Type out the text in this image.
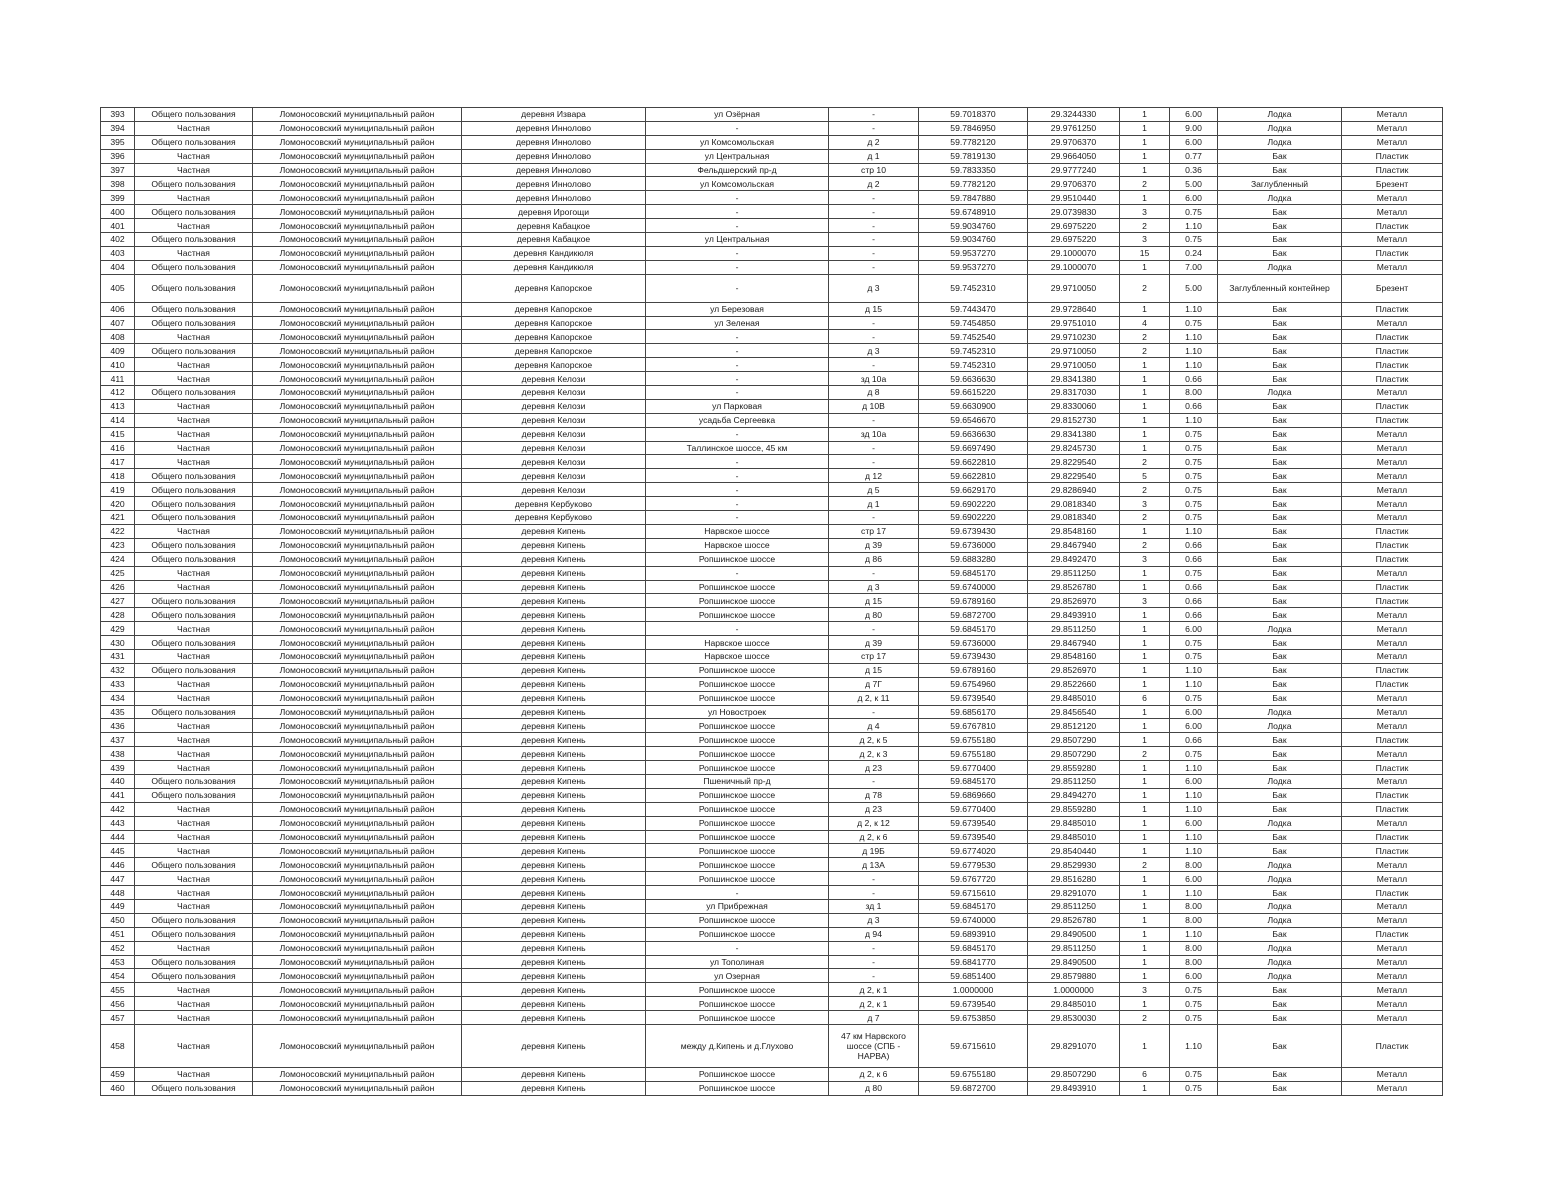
393	Общего пользования	Ломоносовский муниципальный район	деревня Извара	ул Озёрная	-	59.7018370	29.3244330	1	6.00	Лодка	Металл
394	Частная	Ломоносовский муниципальный район	деревня Иннолово	-	-	59.7846950	29.9761250	1	9.00	Лодка	Металл
395	Общего пользования	Ломоносовский муниципальный район	деревня Иннолово	ул Комсомольская	д 2	59.7782120	29.9706370	1	6.00	Лодка	Металл
396	Частная	Ломоносовский муниципальный район	деревня Иннолово	ул Центральная	д 1	59.7819130	29.9664050	1	0.77	Бак	Пластик
397	Частная	Ломоносовский муниципальный район	деревня Иннолово	Фельдшерский пр-д	стр 10	59.7833350	29.9777240	1	0.36	Бак	Пластик
398	Общего пользования	Ломоносовский муниципальный район	деревня Иннолово	ул Комсомольская	д 2	59.7782120	29.9706370	2	5.00	Заглубленный	Брезент
399	Частная	Ломоносовский муниципальный район	деревня Иннолово	-	-	59.7847880	29.9510440	1	6.00	Лодка	Металл
400	Общего пользования	Ломоносовский муниципальный район	деревня Ирогощи	-	-	59.6748910	29.0739830	3	0.75	Бак	Металл
401	Частная	Ломоносовский муниципальный район	деревня Кабацкое	-	-	59.9034760	29.6975220	2	1.10	Бак	Пластик
402	Общего пользования	Ломоносовский муниципальный район	деревня Кабацкое	ул Центральная	-	59.9034760	29.6975220	3	0.75	Бак	Металл
403	Частная	Ломоносовский муниципальный район	деревня Кандикюля	-	-	59.9537270	29.1000070	15	0.24	Бак	Пластик
404	Общего пользования	Ломоносовский муниципальный район	деревня Кандикюля	-	-	59.9537270	29.1000070	1	7.00	Лодка	Металл
405	Общего пользования	Ломоносовский муниципальный район	деревня Капорское	-	д 3	59.7452310	29.9710050	2	5.00	Заглубленный контейнер	Брезент
406	Общего пользования	Ломоносовский муниципальный район	деревня Капорское	ул Березовая	д 15	59.7443470	29.9728640	1	1.10	Бак	Пластик
407	Общего пользования	Ломоносовский муниципальный район	деревня Капорское	ул Зеленая	-	59.7454850	29.9751010	4	0.75	Бак	Металл
408	Частная	Ломоносовский муниципальный район	деревня Капорское	-	-	59.7452540	29.9710230	2	1.10	Бак	Пластик
409	Общего пользования	Ломоносовский муниципальный район	деревня Капорское	-	д 3	59.7452310	29.9710050	2	1.10	Бак	Пластик
410	Частная	Ломоносовский муниципальный район	деревня Капорское	-	-	59.7452310	29.9710050	1	1.10	Бак	Пластик
411	Частная	Ломоносовский муниципальный район	деревня Келози	-	зд 10а	59.6636630	29.8341380	1	0.66	Бак	Пластик
412	Общего пользования	Ломоносовский муниципальный район	деревня Келози	-	д 8	59.6615220	29.8317030	1	8.00	Лодка	Металл
413	Частная	Ломоносовский муниципальный район	деревня Келози	ул Парковая	д 10В	59.6630900	29.8330060	1	0.66	Бак	Пластик
414	Частная	Ломоносовский муниципальный район	деревня Келози	усадьба Сергеевка	-	59.6546670	29.8152730	1	1.10	Бак	Пластик
415	Частная	Ломоносовский муниципальный район	деревня Келози	-	зд 10а	59.6636630	29.8341380	1	0.75	Бак	Металл
416	Частная	Ломоносовский муниципальный район	деревня Келози	Таллинское шоссе, 45 км	-	59.6697490	29.8245730	1	0.75	Бак	Металл
417	Частная	Ломоносовский муниципальный район	деревня Келози	-	-	59.6622810	29.8229540	2	0.75	Бак	Металл
418	Общего пользования	Ломоносовский муниципальный район	деревня Келози	-	д 12	59.6622810	29.8229540	5	0.75	Бак	Металл
419	Общего пользования	Ломоносовский муниципальный район	деревня Келози	-	д 5	59.6629170	29.8286940	2	0.75	Бак	Металл
420	Общего пользования	Ломоносовский муниципальный район	деревня Кербуково	-	д 1	59.6902220	29.0818340	3	0.75	Бак	Металл
421	Общего пользования	Ломоносовский муниципальный район	деревня Кербуково	-	-	59.6902220	29.0818340	2	0.75	Бак	Металл
422	Частная	Ломоносовский муниципальный район	деревня Кипень	Нарвское шоссе	стр 17	59.6739430	29.8548160	1	1.10	Бак	Пластик
423	Общего пользования	Ломоносовский муниципальный район	деревня Кипень	Нарвское шоссе	д 39	59.6736000	29.8467940	2	0.66	Бак	Пластик
424	Общего пользования	Ломоносовский муниципальный район	деревня Кипень	Ропшинское шоссе	д 86	59.6883280	29.8492470	3	0.66	Бак	Пластик
425	Частная	Ломоносовский муниципальный район	деревня Кипень	-	-	59.6845170	29.8511250	1	0.75	Бак	Металл
426	Частная	Ломоносовский муниципальный район	деревня Кипень	Ропшинское шоссе	д 3	59.6740000	29.8526780	1	0.66	Бак	Пластик
427	Общего пользования	Ломоносовский муниципальный район	деревня Кипень	Ропшинское шоссе	д 15	59.6789160	29.8526970	3	0.66	Бак	Пластик
428	Общего пользования	Ломоносовский муниципальный район	деревня Кипень	Ропшинское шоссе	д 80	59.6872700	29.8493910	1	0.66	Бак	Металл
429	Частная	Ломоносовский муниципальный район	деревня Кипень	-	-	59.6845170	29.8511250	1	6.00	Лодка	Металл
430	Общего пользования	Ломоносовский муниципальный район	деревня Кипень	Нарвское шоссе	д 39	59.6736000	29.8467940	1	0.75	Бак	Металл
431	Частная	Ломоносовский муниципальный район	деревня Кипень	Нарвское шоссе	стр 17	59.6739430	29.8548160	1	0.75	Бак	Металл
432	Общего пользования	Ломоносовский муниципальный район	деревня Кипень	Ропшинское шоссе	д 15	59.6789160	29.8526970	1	1.10	Бак	Пластик
433	Частная	Ломоносовский муниципальный район	деревня Кипень	Ропшинское шоссе	д 7Г	59.6754960	29.8522660	1	1.10	Бак	Пластик
434	Частная	Ломоносовский муниципальный район	деревня Кипень	Ропшинское шоссе	д 2, к 11	59.6739540	29.8485010	6	0.75	Бак	Металл
435	Общего пользования	Ломоносовский муниципальный район	деревня Кипень	ул Новостроек	-	59.6856170	29.8456540	1	6.00	Лодка	Металл
436	Частная	Ломоносовский муниципальный район	деревня Кипень	Ропшинское шоссе	д 4	59.6767810	29.8512120	1	6.00	Лодка	Металл
437	Частная	Ломоносовский муниципальный район	деревня Кипень	Ропшинское шоссе	д 2, к 5	59.6755180	29.8507290	1	0.66	Бак	Пластик
438	Частная	Ломоносовский муниципальный район	деревня Кипень	Ропшинское шоссе	д 2, к 3	59.6755180	29.8507290	2	0.75	Бак	Металл
439	Частная	Ломоносовский муниципальный район	деревня Кипень	Ропшинское шоссе	д 23	59.6770400	29.8559280	1	1.10	Бак	Пластик
440	Общего пользования	Ломоносовский муниципальный район	деревня Кипень	Пшеничный пр-д	-	59.6845170	29.8511250	1	6.00	Лодка	Металл
441	Общего пользования	Ломоносовский муниципальный район	деревня Кипень	Ропшинское шоссе	д 78	59.6869660	29.8494270	1	1.10	Бак	Пластик
442	Частная	Ломоносовский муниципальный район	деревня Кипень	Ропшинское шоссе	д 23	59.6770400	29.8559280	1	1.10	Бак	Пластик
443	Частная	Ломоносовский муниципальный район	деревня Кипень	Ропшинское шоссе	д 2, к 12	59.6739540	29.8485010	1	6.00	Лодка	Металл
444	Частная	Ломоносовский муниципальный район	деревня Кипень	Ропшинское шоссе	д 2, к 6	59.6739540	29.8485010	1	1.10	Бак	Пластик
445	Частная	Ломоносовский муниципальный район	деревня Кипень	Ропшинское шоссе	д 19Б	59.6774020	29.8540440	1	1.10	Бак	Пластик
446	Общего пользования	Ломоносовский муниципальный район	деревня Кипень	Ропшинское шоссе	д 13А	59.6779530	29.8529930	2	8.00	Лодка	Металл
447	Частная	Ломоносовский муниципальный район	деревня Кипень	Ропшинское шоссе	-	59.6767720	29.8516280	1	6.00	Лодка	Металл
448	Частная	Ломоносовский муниципальный район	деревня Кипень	-	-	59.6715610	29.8291070	1	1.10	Бак	Пластик
449	Частная	Ломоносовский муниципальный район	деревня Кипень	ул Прибрежная	зд 1	59.6845170	29.8511250	1	8.00	Лодка	Металл
450	Общего пользования	Ломоносовский муниципальный район	деревня Кипень	Ропшинское шоссе	д 3	59.6740000	29.8526780	1	8.00	Лодка	Металл
451	Общего пользования	Ломоносовский муниципальный район	деревня Кипень	Ропшинское шоссе	д 94	59.6893910	29.8490500	1	1.10	Бак	Пластик
452	Частная	Ломоносовский муниципальный район	деревня Кипень	-	-	59.6845170	29.8511250	1	8.00	Лодка	Металл
453	Общего пользования	Ломоносовский муниципальный район	деревня Кипень	ул Тополиная	-	59.6841770	29.8490500	1	8.00	Лодка	Металл
454	Общего пользования	Ломоносовский муниципальный район	деревня Кипень	ул Озерная	-	59.6851400	29.8579880	1	6.00	Лодка	Металл
455	Частная	Ломоносовский муниципальный район	деревня Кипень	Ропшинское шоссе	д 2, к 1	1.0000000	1.0000000	3	0.75	Бак	Металл
456	Частная	Ломоносовский муниципальный район	деревня Кипень	Ропшинское шоссе	д 2, к 1	59.6739540	29.8485010	1	0.75	Бак	Металл
457	Частная	Ломоносовский муниципальный район	деревня Кипень	Ропшинское шоссе	д 7	59.6753850	29.8530030	2	0.75	Бак	Металл
458	Частная	Ломоносовский муниципальный район	деревня Кипень	между д.Кипень и д.Глухово	47 км Нарвского шоссе (СПБ - НАРВА)	59.6715610	29.8291070	1	1.10	Бак	Пластик
459	Частная	Ломоносовский муниципальный район	деревня Кипень	Ропшинское шоссе	д 2, к 6	59.6755180	29.8507290	6	0.75	Бак	Металл
460	Общего пользования	Ломоносовский муниципальный район	деревня Кипень	Ропшинское шоссе	д 80	59.6872700	29.8493910	1	0.75	Бак	Металл
